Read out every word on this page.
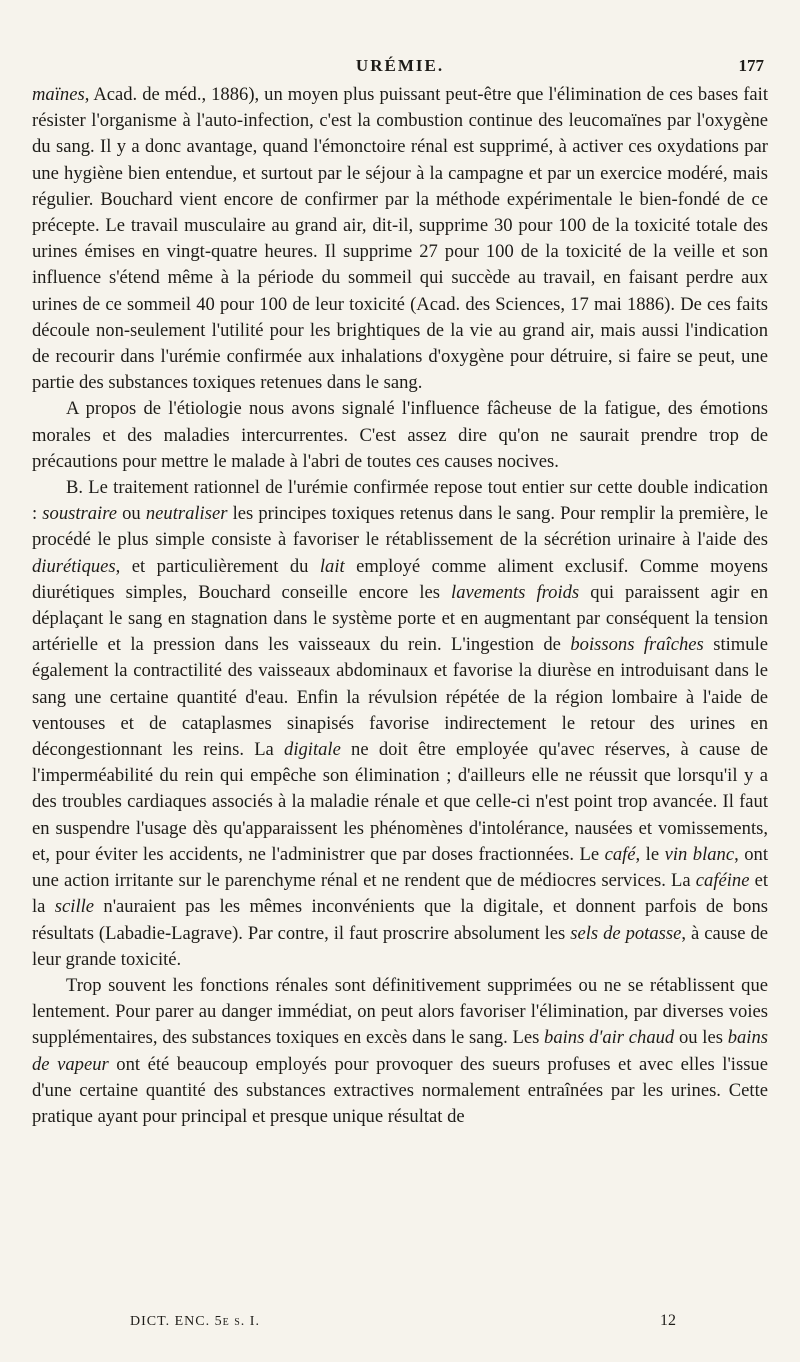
URÉMIE.	177

maïnes, Acad. de méd., 1886), un moyen plus puissant peut-être que l'élimination de ces bases fait résister l'organisme à l'auto-infection, c'est la combustion continue des leucomaïnes par l'oxygène du sang. Il y a donc avantage, quand l'émonctoire rénal est supprimé, à activer ces oxydations par une hygiène bien entendue, et surtout par le séjour à la campagne et par un exercice modéré, mais régulier. Bouchard vient encore de confirmer par la méthode expérimentale le bien-fondé de ce précepte. Le travail musculaire au grand air, dit-il, supprime 30 pour 100 de la toxicité totale des urines émises en vingt-quatre heures. Il supprime 27 pour 100 de la toxicité de la veille et son influence s'étend même à la période du sommeil qui succède au travail, en faisant perdre aux urines de ce sommeil 40 pour 100 de leur toxicité (Acad. des Sciences, 17 mai 1886). De ces faits découle non-seulement l'utilité pour les brightiques de la vie au grand air, mais aussi l'indication de recourir dans l'urémie confirmée aux inhalations d'oxygène pour détruire, si faire se peut, une partie des substances toxiques retenues dans le sang.

A propos de l'étiologie nous avons signalé l'influence fâcheuse de la fatigue, des émotions morales et des maladies intercurrentes. C'est assez dire qu'on ne saurait prendre trop de précautions pour mettre le malade à l'abri de toutes ces causes nocives.

B. Le traitement rationnel de l'urémie confirmée repose tout entier sur cette double indication : soustraire ou neutraliser les principes toxiques retenus dans le sang. Pour remplir la première, le procédé le plus simple consiste à favoriser le rétablissement de la sécrétion urinaire à l'aide des diurétiques, et particulièrement du lait employé comme aliment exclusif. Comme moyens diurétiques simples, Bouchard conseille encore les lavements froids qui paraissent agir en déplaçant le sang en stagnation dans le système porte et en augmentant par conséquent la tension artérielle et la pression dans les vaisseaux du rein. L'ingestion de boissons fraîches stimule également la contractilité des vaisseaux abdominaux et favorise la diurèse en introduisant dans le sang une certaine quantité d'eau. Enfin la révulsion répétée de la région lombaire à l'aide de ventouses et de cataplasmes sinapisés favorise indirectement le retour des urines en décongestionnant les reins. La digitale ne doit être employée qu'avec réserves, à cause de l'imperméabilité du rein qui empêche son élimination ; d'ailleurs elle ne réussit que lorsqu'il y a des troubles cardiaques associés à la maladie rénale et que celle-ci n'est point trop avancée. Il faut en suspendre l'usage dès qu'apparaissent les phénomènes d'intolérance, nausées et vomissements, et, pour éviter les accidents, ne l'administrer que par doses fractionnées. Le café, le vin blanc, ont une action irritante sur le parenchyme rénal et ne rendent que de médiocres services. La caféine et la scille n'auraient pas les mêmes inconvénients que la digitale, et donnent parfois de bons résultats (Labadie-Lagrave). Par contre, il faut proscrire absolument les sels de potasse, à cause de leur grande toxicité.

Trop souvent les fonctions rénales sont définitivement supprimées ou ne se rétablissent que lentement. Pour parer au danger immédiat, on peut alors favoriser l'élimination, par diverses voies supplémentaires, des substances toxiques en excès dans le sang. Les bains d'air chaud ou les bains de vapeur ont été beaucoup employés pour provoquer des sueurs profuses et avec elles l'issue d'une certaine quantité des substances extractives normalement entraînées par les urines. Cette pratique ayant pour principal et presque unique résultat de

DICT. ENC. 5e s. I.	12
